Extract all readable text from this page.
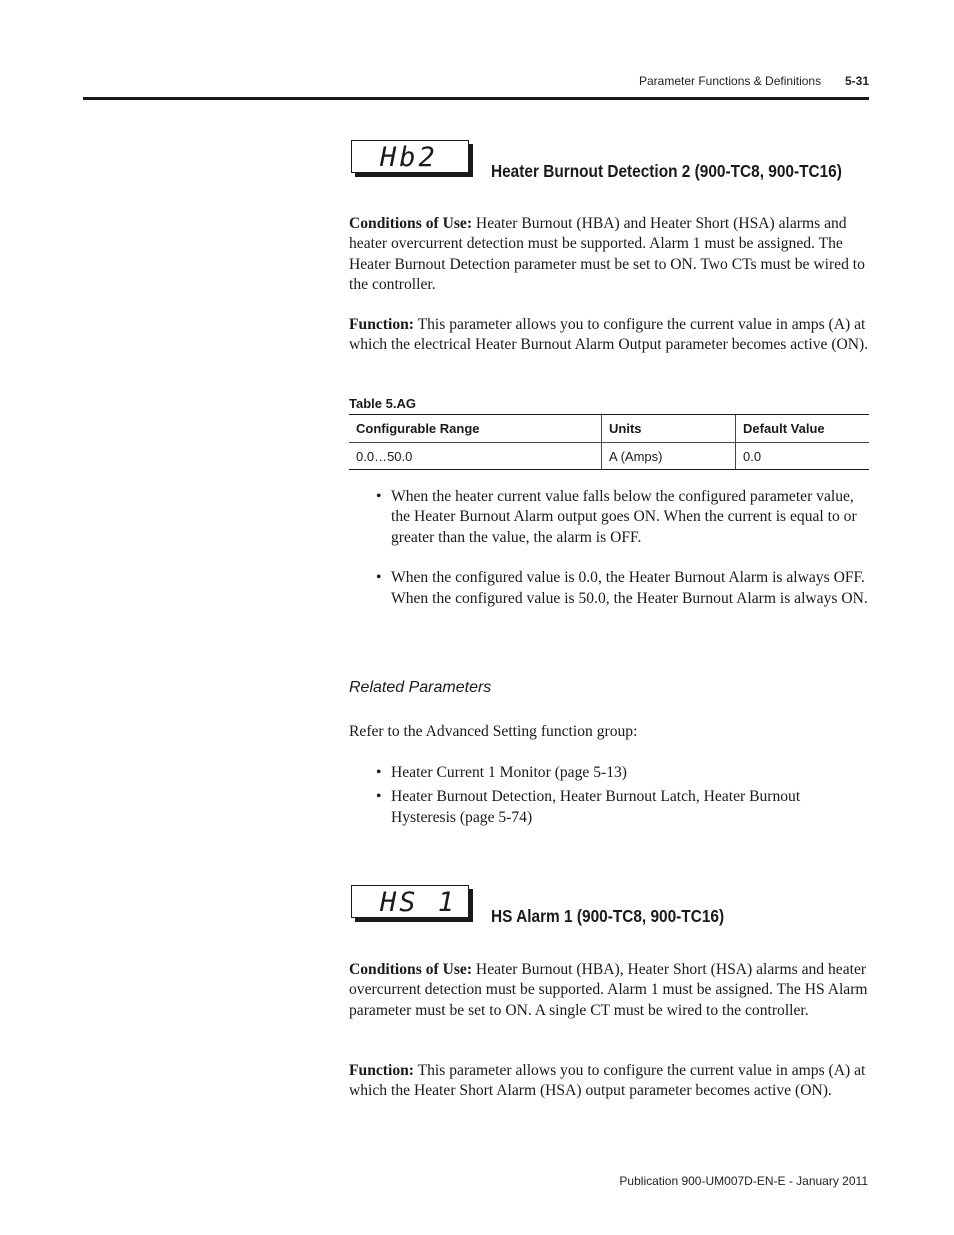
Parameter Functions & Definitions 5-31
Hb2	Heater Burnout Detection 2 (900-TC8, 900-TC16)

Conditions of Use: Heater Burnout (HBA) and Heater Short (HSA) alarms and heater overcurrent detection must be supported. Alarm 1 must be assigned. The Heater Burnout Detection parameter must be set to ON. Two CTs must be wired to the controller.

Function: This parameter allows you to configure the current value in amps (A) at which the electrical Heater Burnout Alarm Output parameter becomes active (ON).

Table 5.AG
Configurable Range	Units	Default Value
0.0…50.0	A (Amps)	0.0
• When the heater current value falls below the configured parameter value, the Heater Burnout Alarm output goes ON. When the current is equal to or greater than the value, the alarm is OFF.
• When the configured value is 0.0, the Heater Burnout Alarm is always OFF. When the configured value is 50.0, the Heater Burnout Alarm is always ON.
Related Parameters

Refer to the Advanced Setting function group:

• Heater Current 1 Monitor (page 5-13)
• Heater Burnout Detection, Heater Burnout Latch, Heater Burnout Hysteresis (page 5-74)
HS 1	HS Alarm 1 (900-TC8, 900-TC16)

Conditions of Use: Heater Burnout (HBA), Heater Short (HSA) alarms and heater overcurrent detection must be supported. Alarm 1 must be assigned. The HS Alarm parameter must be set to ON. A single CT must be wired to the controller.

Function: This parameter allows you to configure the current value in amps (A) at which the Heater Short Alarm (HSA) output parameter becomes active (ON).

Publication 900-UM007D-EN-E - January 2011
